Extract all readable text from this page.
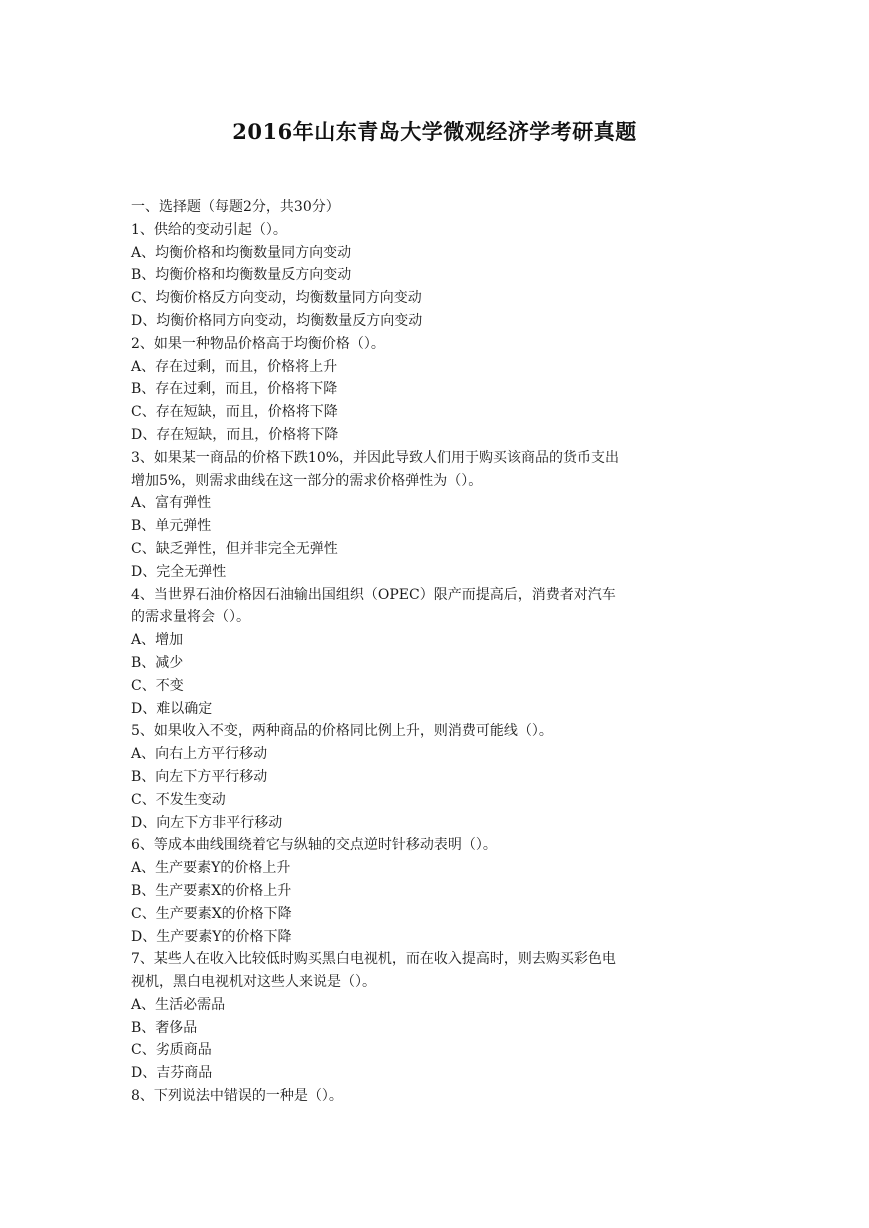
2016年山东青岛大学微观经济学考研真题
一、选择题（每题2分，共30分）
1、供给的变动引起（）。
A、均衡价格和均衡数量同方向变动
B、均衡价格和均衡数量反方向变动
C、均衡价格反方向变动，均衡数量同方向变动
D、均衡价格同方向变动，均衡数量反方向变动
2、如果一种物品价格高于均衡价格（）。
A、存在过剩，而且，价格将上升
B、存在过剩，而且，价格将下降
C、存在短缺，而且，价格将下降
D、存在短缺，而且，价格将下降
3、如果某一商品的价格下跌10%，并因此导致人们用于购买该商品的货币支出
增加5%，则需求曲线在这一部分的需求价格弹性为（）。
A、富有弹性
B、单元弹性
C、缺乏弹性，但并非完全无弹性
D、完全无弹性
4、当世界石油价格因石油输出国组织（OPEC）限产而提高后，消费者对汽车
的需求量将会（）。
A、增加
B、减少
C、不变
D、难以确定
5、如果收入不变，两种商品的价格同比例上升，则消费可能线（）。
A、向右上方平行移动
B、向左下方平行移动
C、不发生变动
D、向左下方非平行移动
6、等成本曲线围绕着它与纵轴的交点逆时针移动表明（）。
A、生产要素Y的价格上升
B、生产要素X的价格上升
C、生产要素X的价格下降
D、生产要素Y的价格下降
7、某些人在收入比较低时购买黑白电视机，而在收入提高时，则去购买彩色电
视机，黑白电视机对这些人来说是（）。
A、生活必需品
B、奢侈品
C、劣质商品
D、吉芬商品
8、下列说法中错误的一种是（）。
